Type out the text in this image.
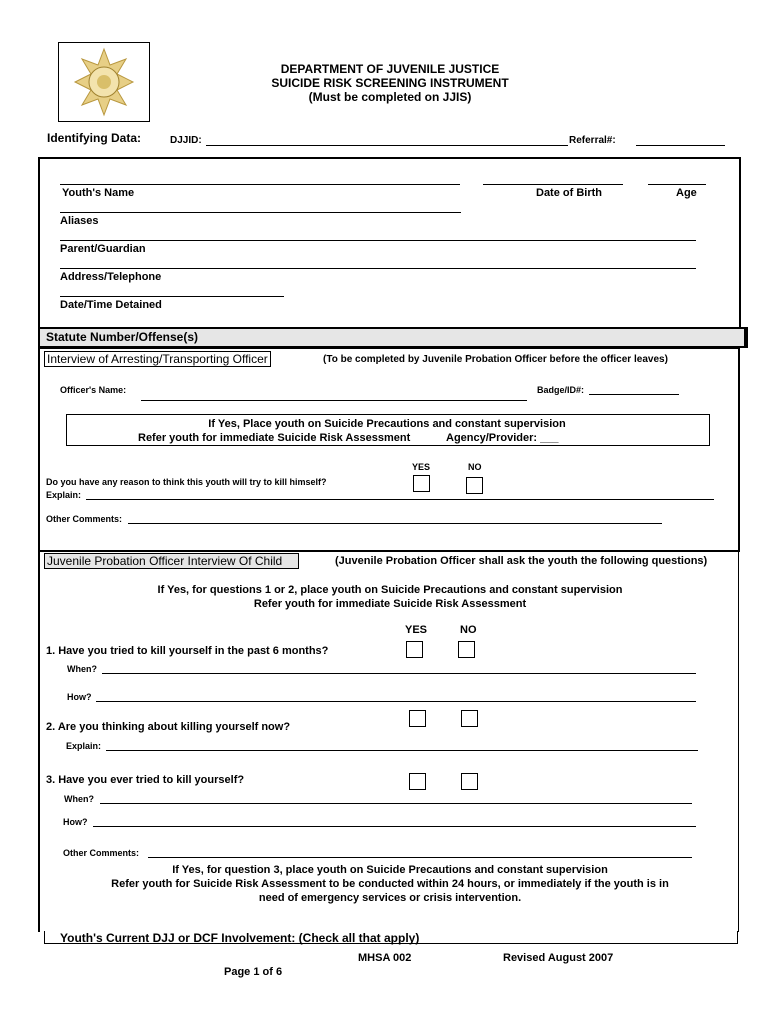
DEPARTMENT OF JUVENILE JUSTICE
SUICIDE RISK SCREENING INSTRUMENT
(Must be completed on JJIS)
Identifying Data:	DJJID:	Referral#:
Youth's Name	Date of Birth	Age
Aliases
Parent/Guardian
Address/Telephone
Date/Time Detained
Statute Number/Offense(s)
Interview of Arresting/Transporting Officer	(To be completed by Juvenile Probation Officer before the officer leaves)
Officer's Name:	Badge/ID#:
If Yes, Place youth on Suicide Precautions and constant supervision
Refer youth for immediate Suicide Risk Assessment	Agency/Provider: ___
YES	NO
Do you have any reason to think this youth will try to kill himself?
Explain:
Other Comments:
Juvenile Probation Officer Interview Of Child	(Juvenile Probation Officer shall ask the youth the following questions)
If Yes, for questions 1 or 2, place youth on Suicide Precautions and constant supervision
Refer youth for immediate Suicide Risk Assessment
YES	NO
1. Have you tried to kill yourself in the past 6 months?
When?
How?
2. Are you thinking about killing yourself now?
Explain:
3. Have you ever tried to kill yourself?
When?
How?
Other Comments:
If Yes, for question 3, place youth on Suicide Precautions and constant supervision
Refer youth for Suicide Risk Assessment to be conducted within 24 hours, or immediately if the youth is in
need of emergency services or crisis intervention.
Youth's Current DJJ or DCF Involvement: (Check all that apply)
MHSA 002	Revised August 2007
Page 1 of 6
